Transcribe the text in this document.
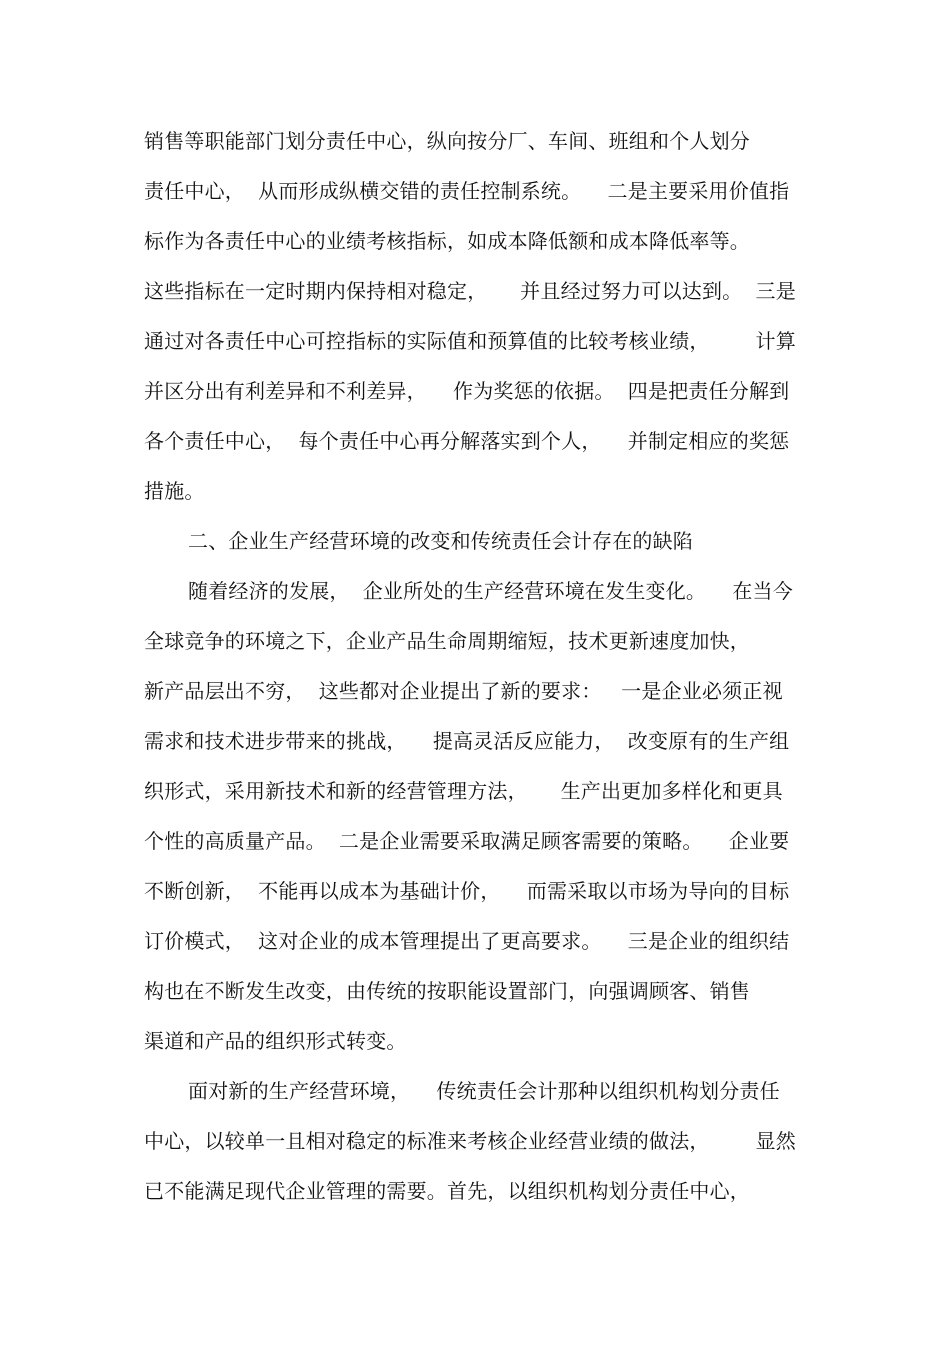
销售等职能部门划分责任中心，纵向按分厂、车间、班组和个人划分
责任中心，  从而形成纵横交错的责任控制系统。    二是主要采用价值指
标作为各责任中心的业绩考核指标，如成本降低额和成本降低率等。
这些指标在一定时期内保持相对稳定，     并且经过努力可以达到。  三是
通过对各责任中心可控指标的实际值和预算值的比较考核业绩，       计算
并区分出有利差异和不利差异，    作为奖惩的依据。  四是把责任分解到
各个责任中心，  每个责任中心再分解落实到个人，    并制定相应的奖惩
措施。
二、企业生产经营环境的改变和传统责任会计存在的缺陷
随着经济的发展，  企业所处的生产经营环境在发生变化。    在当今
全球竞争的环境之下，企业产品生命周期缩短，技术更新速度加快，
新产品层出不穷，  这些都对企业提出了新的要求：   一是企业必须正视
需求和技术进步带来的挑战，    提高灵活反应能力，  改变原有的生产组
织形式，采用新技术和新的经营管理方法，     生产出更加多样化和更具
个性的高质量产品。  二是企业需要采取满足顾客需要的策略。    企业要
不断创新，  不能再以成本为基础计价，    而需采取以市场为导向的目标
订价模式，  这对企业的成本管理提出了更高要求。    三是企业的组织结
构也在不断发生改变，由传统的按职能设置部门，向强调顾客、销售
渠道和产品的组织形式转变。
面对新的生产经营环境，    传统责任会计那种以组织机构划分责任
中心，以较单一且相对稳定的标准来考核企业经营业绩的做法，       显然
已不能满足现代企业管理的需要。首先，以组织机构划分责任中心，
